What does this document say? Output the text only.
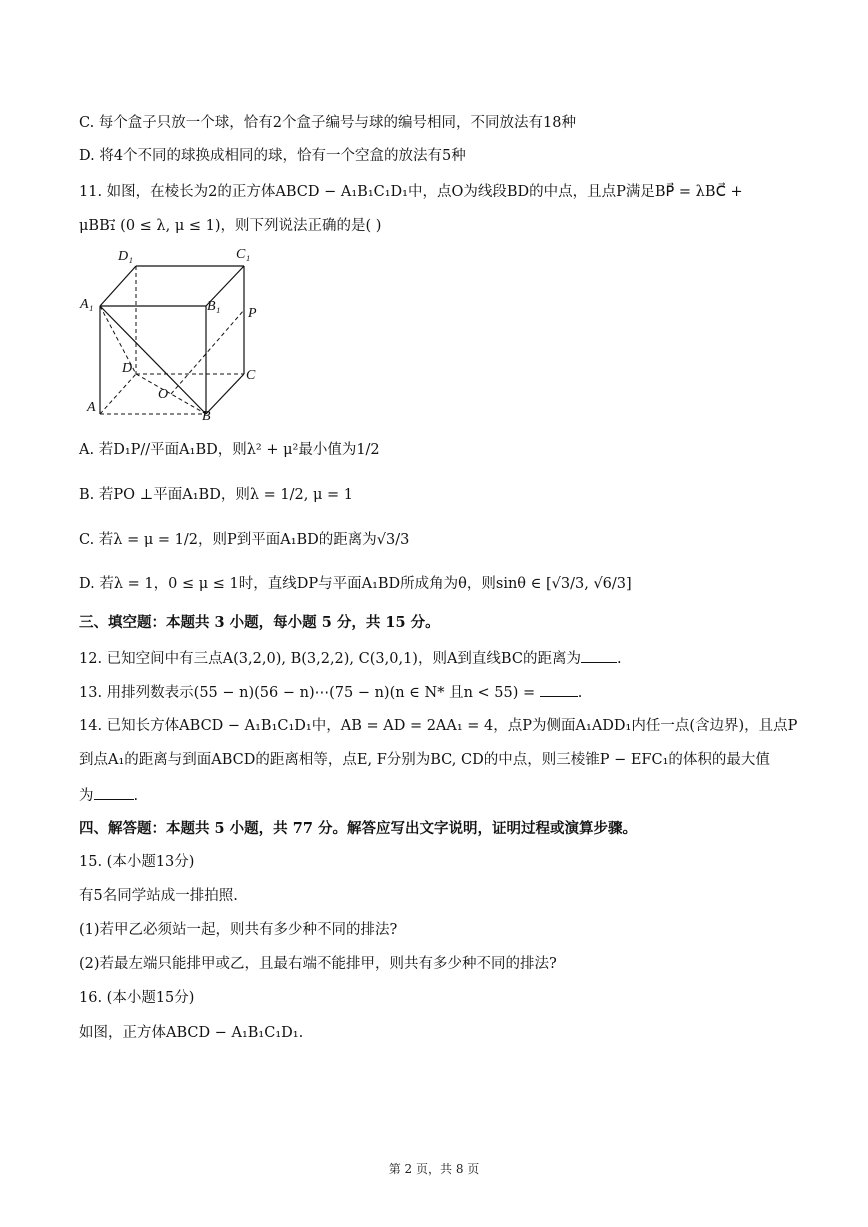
C. 每个盒子只放一个球，恰有2个盒子编号与球的编号相同，不同放法有18种
D. 将4个不同的球换成相同的球，恰有一个空盒的放法有5种
11. 如图，在棱长为2的正方体ABCD − A₁B₁C₁D₁中，点O为线段BD的中点，且点P满足BP⃗ = λBC⃗ +
μBB₁⃗ (0 ≤ λ, μ ≤ 1)，则下列说法正确的是( )
D₁	C₁
A₁	B₁ P
D	C
O
A
B
A. 若D₁P//平面A₁BD，则λ² + μ²最小值为1/2
B. 若PO ⊥平面A₁BD，则λ = 1/2, μ = 1
C. 若λ = μ = 1/2，则P到平面A₁BD的距离为√3/3
D. 若λ = 1，0 ≤ μ ≤ 1时，直线DP与平面A₁BD所成角为θ，则sinθ ∈ [√3/3, √6/3]
三、填空题：本题共 3 小题，每小题 5 分，共 15 分。
12. 已知空间中有三点A(3,2,0), B(3,2,2), C(3,0,1)，则A到直线BC的距离为 .
13. 用排列数表示(55 − n)(56 − n)⋯(75 − n)(n ∈ N* 且n < 55) =	.
14. 已知长方体ABCD − A₁B₁C₁D₁中，AB = AD = 2AA₁ = 4，点P为侧面A₁ADD₁内任一点(含边界)，且点P
到点A₁的距离与到面ABCD的距离相等，点E, F分别为BC, CD的中点，则三棱锥P − EFC₁的体积的最大值
为	.
四、解答题：本题共 5 小题，共 77 分。解答应写出文字说明，证明过程或演算步骤。
15. (本小题13分)
有5名同学站成一排拍照.
(1)若甲乙必须站一起，则共有多少种不同的排法?
(2)若最左端只能排甲或乙，且最右端不能排甲，则共有多少种不同的排法?
16. (本小题15分)
如图，正方体ABCD − A₁B₁C₁D₁.
第 2 页，共 8 页
